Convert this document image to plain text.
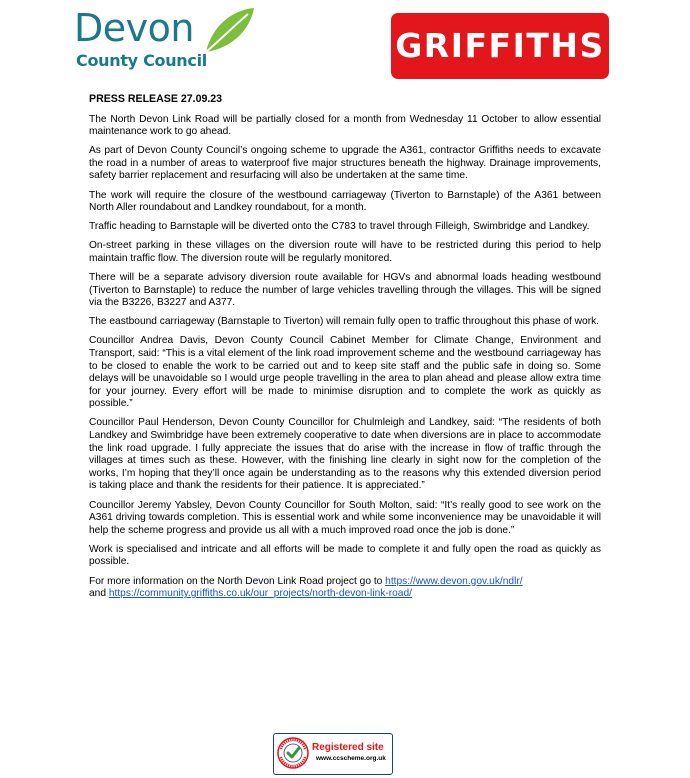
Devon
County Council	GRIFFITHS
PRESS RELEASE 27.09.23

The North Devon Link Road will be partially closed for a month from Wednesday 11 October to allow essential maintenance work to go ahead.

As part of Devon County Council’s ongoing scheme to upgrade the A361, contractor Griffiths needs to excavate the road in a number of areas to waterproof five major structures beneath the highway. Drainage improvements, safety barrier replacement and resurfacing will also be undertaken at the same time.

The work will require the closure of the westbound carriageway (Tiverton to Barnstaple) of the A361 between North Aller roundabout and Landkey roundabout, for a month.

Traffic heading to Barnstaple will be diverted onto the C783 to travel through Filleigh, Swimbridge and Landkey.

On-street parking in these villages on the diversion route will have to be restricted during this period to help maintain traffic flow. The diversion route will be regularly monitored.

There will be a separate advisory diversion route available for HGVs and abnormal loads heading westbound (Tiverton to Barnstaple) to reduce the number of large vehicles travelling through the villages. This will be signed via the B3226, B3227 and A377.

The eastbound carriageway (Barnstaple to Tiverton) will remain fully open to traffic throughout this phase of work.

Councillor Andrea Davis, Devon County Council Cabinet Member for Climate Change, Environment and Transport, said: “This is a vital element of the link road improvement scheme and the westbound carriageway has to be closed to enable the work to be carried out and to keep site staff and the public safe in doing so. Some delays will be unavoidable so I would urge people travelling in the area to plan ahead and please allow extra time for your journey. Every effort will be made to minimise disruption and to complete the work as quickly as possible.”

Councillor Paul Henderson, Devon County Councillor for Chulmleigh and Landkey, said: “The residents of both Landkey and Swimbridge have been extremely cooperative to date when diversions are in place to accommodate the link road upgrade. I fully appreciate the issues that do arise with the increase in flow of traffic through the villages at times such as these. However, with the finishing line clearly in sight now for the completion of the works, I’m hoping that they’ll once again be understanding as to the reasons why this extended diversion period is taking place and thank the residents for their patience. It is appreciated.”

Councillor Jeremy Yabsley, Devon County Councillor for South Molton, said: “It’s really good to see work on the A361 driving towards completion. This is essential work and while some inconvenience may be unavoidable it will help the scheme progress and provide us all with a much improved road once the job is done.”

Work is specialised and intricate and all efforts will be made to complete it and fully open the road as quickly as possible.

For more information on the North Devon Link Road project go to https://www.devon.gov.uk/ndlr/
and https://community.griffiths.co.uk/our_projects/north-devon-link-road/

Registered site
www.ccscheme.org.uk
